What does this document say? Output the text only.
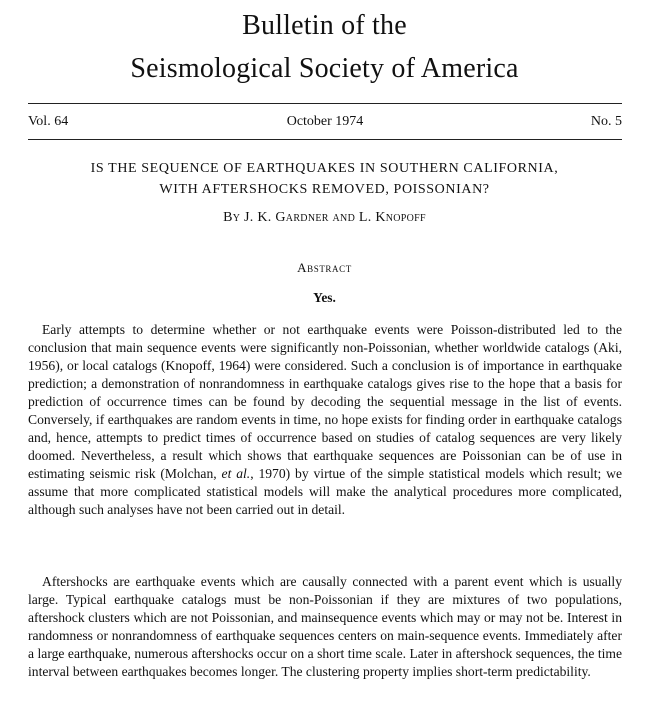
Bulletin of the
Seismological Society of America
October 1974
Vol. 64	No. 5
IS THE SEQUENCE OF EARTHQUAKES IN SOUTHERN CALIFORNIA,
WITH AFTERSHOCKS REMOVED, POISSONIAN?
By J. K. Gardner and L. Knopoff
Abstract
Yes.

Early attempts to determine whether or not earthquake events were Poisson-distributed led to the conclusion that main sequence events were significantly non-Poissonian, whether worldwide catalogs (Aki, 1956), or local catalogs (Knopoff, 1964) were considered. Such a conclusion is of importance in earthquake prediction; a demonstration of nonrandomness in earthquake catalogs gives rise to the hope that a basis for prediction of occurrence times can be found by decoding the sequential message in the list of events. Conversely, if earthquakes are random events in time, no hope exists for finding order in earthquake catalogs and, hence, attempts to predict times of occurrence based on studies of catalog sequences are very likely doomed. Nevertheless, a result which shows that earthquake sequences are Poissonian can be of use in estimating seismic risk (Molchan, et al., 1970) by virtue of the simple statistical models which result; we assume that more complicated statistical models will make the analytical procedures more complicated, although such analyses have not been carried out in detail.

Aftershocks are earthquake events which are causally connected with a parent event which is usually large. Typical earthquake catalogs must be non-Poissonian if they are mixtures of two populations, aftershock clusters which are not Poissonian, and mainsequence events which may or may not be. Interest in randomness or nonrandomness of earthquake sequences centers on main-sequence events. Immediately after a large earthquake, numerous aftershocks occur on a short time scale. Later in aftershock sequences, the time interval between earthquakes becomes longer. The clustering property implies short-term predictability.
